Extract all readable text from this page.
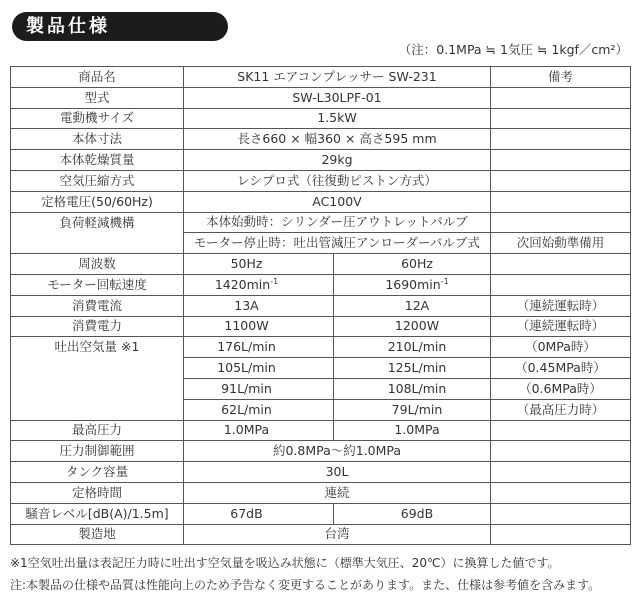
製品仕様
（注：0.1MPa ≒ 1気圧 ≒ 1kgf／cm²）
商品名	SK11 エアコンプレッサー SW-231		備考
型式	SW-L30LPF-01		
電動機サイズ	1.5kW		
本体寸法	長さ660 × 幅360 × 高さ595 mm		
本体乾燥質量	29kg		
空気圧縮方式	レシプロ式（往復動ピストン方式）		
定格電圧(50/60Hz)	AC100V		
負荷軽減機構	本体始動時：シリンダー圧アウトレットバルブ		
	モーター停止時：吐出管減圧アンローダーバルブ式		次回始動準備用
周波数	50Hz	60Hz	
モーター回転速度	$1420\min^{-1}$	$1690\min^{-1}$	
消費電流	13A	12A	（連続運転時）
消費電力	1100W	1200W	（連続運転時）
吐出空気量 ※1	176L/min	210L/min	（0MPa時）
	105L/min	125L/min	（0.45MPa時）
	91L/min	108L/min	（0.6MPa時）
	62L/min	79L/min	（最高圧力時）
最高圧力	1.0MPa	1.0MPa	
圧力制御範囲	約0.8MPa〜約1.0MPa		
タンク容量	30L		
定格時間	連続		
騒音レベル[dB(A)/1.5m]	67dB	69dB	
製造地	台湾		
※1空気吐出量は表記圧力時に吐出す空気量を吸込み状態に（標準大気圧、20℃）に換算した値です。
注:本製品の仕様や品質は性能向上のため予告なく変更することがあります。また、仕様は参考値を含みます。
